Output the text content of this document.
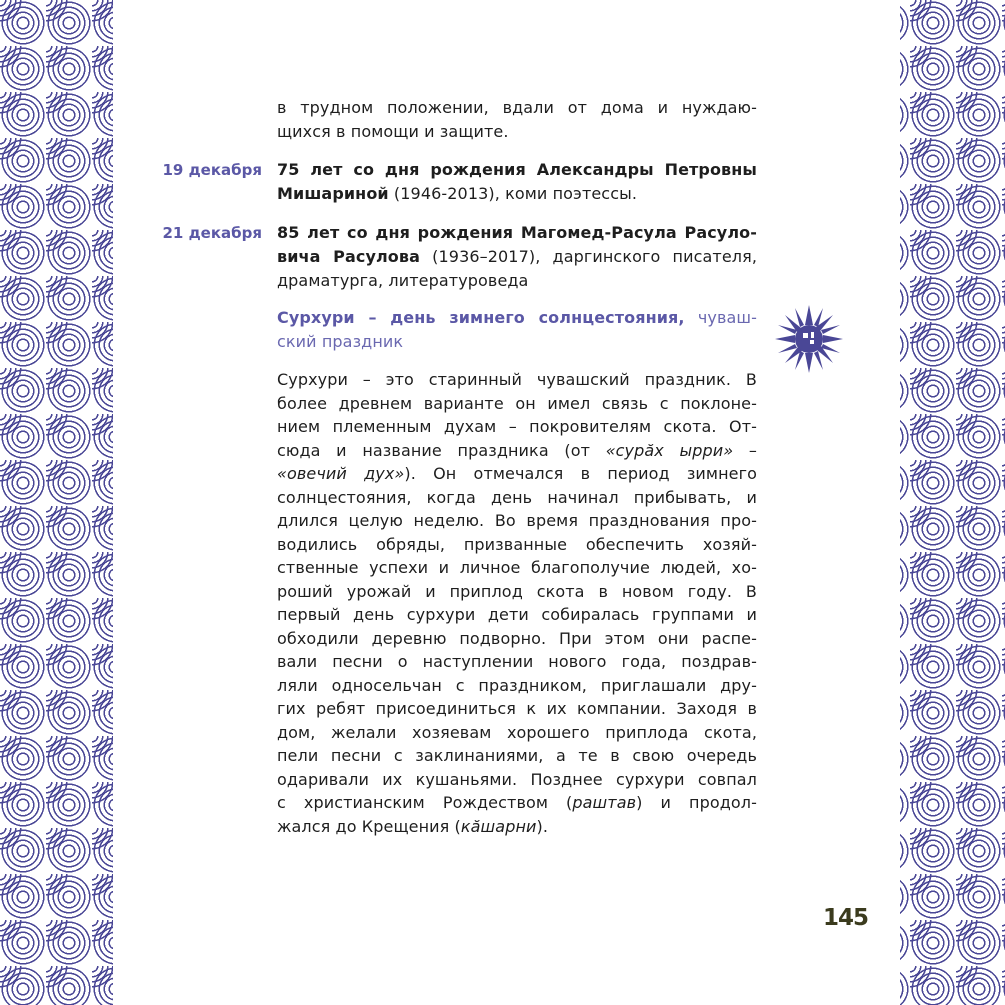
в трудном положении, вдали от дома и нуждаю-
щихся в помощи и защите.
19 декабря 75 лет со дня рождения Александры Петровны
Мишариной (1946-2013), коми поэтессы.
21 декабря 85 лет со дня рождения Магомед-Расула Расуло-
вича Расулова (1936–2017), даргинского писателя,
драматурга, литературоведа
Сурхури – день зимнего солнцестояния, чуваш-
ский праздник
Сурхури – это старинный чувашский праздник. В
более древнем варианте он имел связь с поклоне-
нием племенным духам – покровителям скота. От-
сюда и название праздника (от «сурăх ырри» –
«овечий дух»). Он отмечался в период зимнего
солнцестояния, когда день начинал прибывать, и
длился целую неделю. Во время празднования про-
водились обряды, призванные обеспечить хозяй-
ственные успехи и личное благополучие людей, хо-
роший урожай и приплод скота в новом году. В
первый день сурхури дети собиралась группами и
обходили деревню подворно. При этом они распе-
вали песни о наступлении нового года, поздрав-
ляли односельчан с праздником, приглашали дру-
гих ребят присоединиться к их компании. Заходя в
дом, желали хозяевам хорошего приплода скота,
пели песни с заклинаниями, а те в свою очередь
одаривали их кушаньями. Позднее сурхури совпал
с христианским Рождеством (раштав) и продол-
жался до Крещения (кăшарни).
145
